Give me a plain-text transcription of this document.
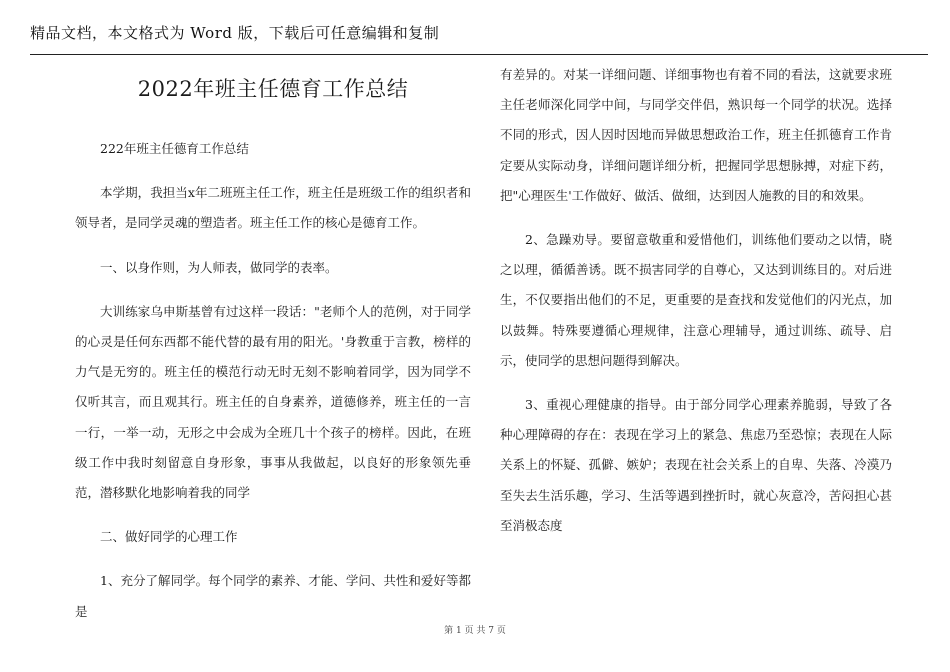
精品文档，本文格式为 Word 版，下载后可任意编辑和复制
2022年班主任德育工作总结

222年班主任德育工作总结

本学期，我担当x年二班班主任工作，班主任是班级工作的组织者和领导者，是同学灵魂的塑造者。班主任工作的核心是德育工作。

一、以身作则，为人师表，做同学的表率。

大训练家乌申斯基曾有过这样一段话："老师个人的范例，对于同学的心灵是任何东西都不能代替的最有用的阳光。'身教重于言教，榜样的力气是无穷的。班主任的模范行动无时无刻不影响着同学，因为同学不仅听其言，而且观其行。班主任的自身素养，道德修养，班主任的一言一行，一举一动，无形之中会成为全班几十个孩子的榜样。因此，在班级工作中我时刻留意自身形象，事事从我做起，以良好的形象领先垂范，潜移默化地影响着我的同学

二、做好同学的心理工作

1、充分了解同学。每个同学的素养、才能、学问、共性和爱好等都是

有差异的。对某一详细问题、详细事物也有着不同的看法，这就要求班主任老师深化同学中间，与同学交伴侣，熟识每一个同学的状况。选择不同的形式，因人因时因地而异做思想政治工作，班主任抓德育工作肯定要从实际动身，详细问题详细分析，把握同学思想脉搏，对症下药，把"心理医生'工作做好、做活、做细，达到因人施教的目的和效果。

2、急躁劝导。要留意敬重和爱惜他们，训练他们要动之以情，晓之以理，循循善诱。既不损害同学的自尊心，又达到训练目的。对后进生，不仅要指出他们的不足，更重要的是查找和发觉他们的闪光点，加以鼓舞。特殊要遵循心理规律，注意心理辅导，通过训练、疏导、启示，使同学的思想问题得到解决。

3、重视心理健康的指导。由于部分同学心理素养脆弱，导致了各种心理障碍的存在：表现在学习上的紧急、焦虑乃至恐惊；表现在人际关系上的怀疑、孤僻、嫉妒；表现在社会关系上的自卑、失落、冷漠乃至失去生活乐趣，学习、生活等遇到挫折时，就心灰意冷，苦闷担心甚至消极态度

第 1 页 共 7 页
